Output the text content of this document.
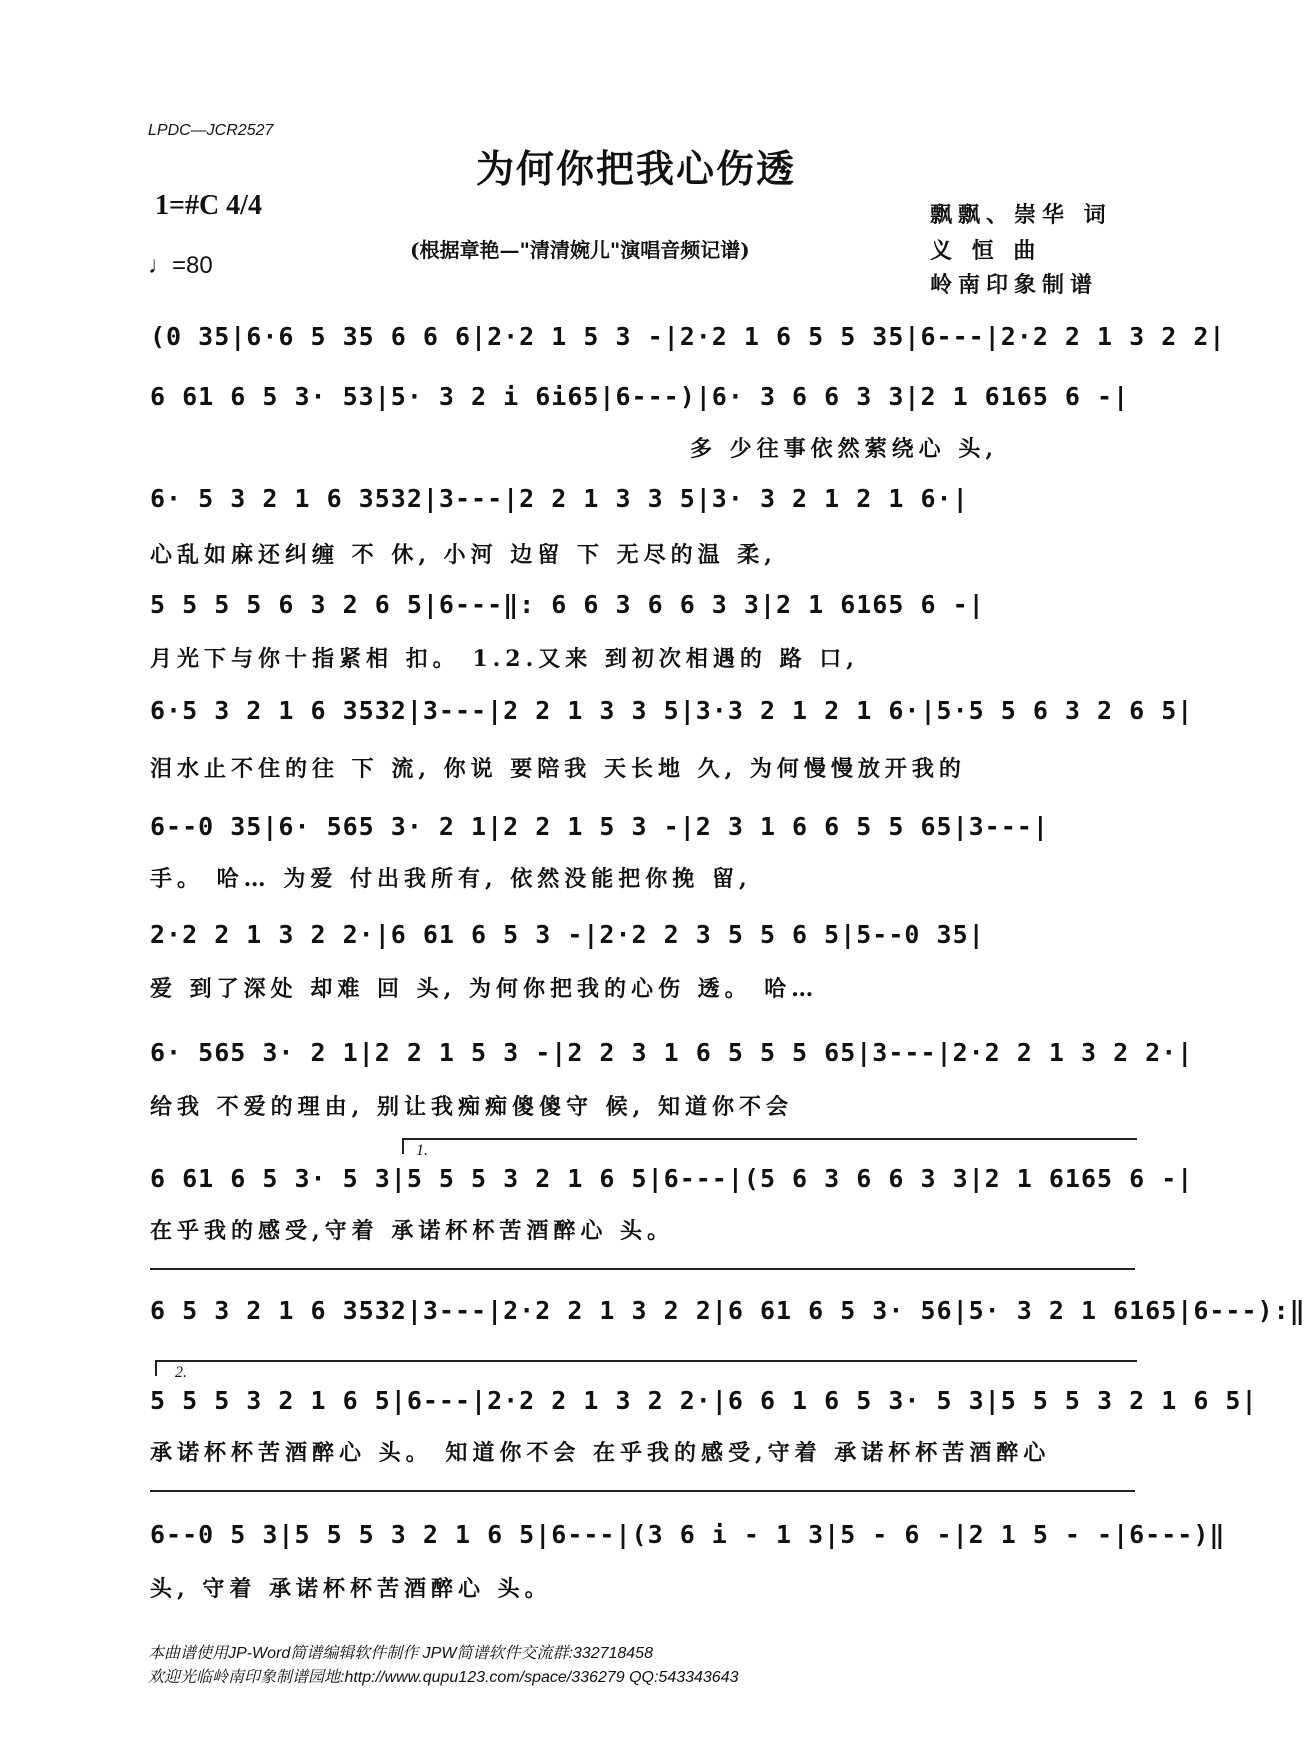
LPDC—JCR2527
为何你把我心伤透
1=#C 4/4
♩=80
(根据章艳—"清清婉儿"演唱音频记谱)
飘飘、崇华 词
义 恒 曲
岭南印象制谱
1.
2.
(0 35|6·6 5 35 6 6 6|2·2 1 5 3 -|2·2 1 6 5 5 35|6---|2·2 2 1 3 2 2|
6 61 6 5 3· 53|5· 3 2 i 6i65|6---)|6· 3 6 6 3 3|2 1 6165 6 -|
多 少往事依然萦绕心 头,
6· 5 3 2 1 6 3532|3---|2 2 1 3 3 5|3· 3 2 1 2 1 6·|
心乱如麻还纠缠 不 休, 小河 边留 下 无尽的温 柔,
5 5 5 5 6 3 2 6 5|6---‖: 6 6 3 6 6 3 3|2 1 6165 6 -|
月光下与你十指紧相 扣。 1.2.又来 到初次相遇的 路 口,
6·5 3 2 1 6 3532|3---|2 2 1 3 3 5|3·3 2 1 2 1 6·|5·5 5 6 3 2 6 5|
泪水止不住的往 下 流, 你说 要陪我 天长地 久, 为何慢慢放开我的
6--0 35|6· 565 3· 2 1|2 2 1 5 3 -|2 3 1 6 6 5 5 65|3---|
手。 哈… 为爱 付出我所有, 依然没能把你挽 留,
2·2 2 1 3 2 2·|6 61 6 5 3 -|2·2 2 3 5 5 6 5|5--0 35|
爱 到了深处 却难 回 头, 为何你把我的心伤 透。 哈…
6· 565 3· 2 1|2 2 1 5 3 -|2 2 3 1 6 5 5 5 65|3---|2·2 2 1 3 2 2·|
给我 不爱的理由, 别让我痴痴傻傻守 候, 知道你不会
6 61 6 5 3· 5 3|5 5 5 3 2 1 6 5|6---|(5 6 3 6 6 3 3|2 1 6165 6 -|
在乎我的感受,守着 承诺杯杯苦酒醉心 头。
6 5 3 2 1 6 3532|3---|2·2 2 1 3 2 2|6 61 6 5 3· 56|5· 3 2 1 6165|6---):‖
5 5 5 3 2 1 6 5|6---|2·2 2 1 3 2 2·|6 6 1 6 5 3· 5 3|5 5 5 3 2 1 6 5|
承诺杯杯苦酒醉心 头。 知道你不会 在乎我的感受,守着 承诺杯杯苦酒醉心
6--0 5 3|5 5 5 3 2 1 6 5|6---|(3 6 i - 1 3|5 - 6 -|2 1 5 - -|6---)‖
头, 守着 承诺杯杯苦酒醉心 头。
本曲谱使用JP-Word简谱编辑软件制作 JPW简谱软件交流群:332718458
欢迎光临岭南印象制谱园地:http://www.qupu123.com/space/336279 QQ:543343643
